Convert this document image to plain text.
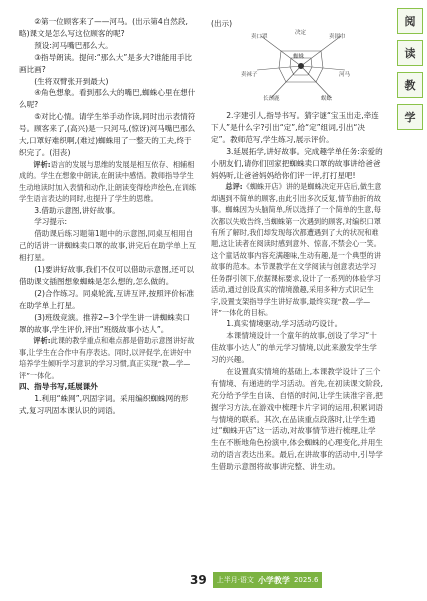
②第一位顾客来了——河马。(出示第4自然段,略)课文是怎么写这位顾客的呢?

预设:河马嘴巴那么大。

③指导朗读。提问:“那么大”是多大?谁能用手比画比画?

(生将双臂张开到最大)

④角色想象。看到那么大的嘴巴,蜘蛛心里在想什么呢?

⑤对比心情。请学生举手动作读,同时出示表情符号。顾客来了,(高兴)是一只河马,(惊讶)河马嘴巴那么大,口罩好难织啊,(难过)蜘蛛用了一整天的工夫,终于织完了。(泪丧)

评析:语言的发展与思维的发展是相互依存、相辅相成的。学生在想象中朗读,在朗读中感悟。教师指导学生生动地读时加入表情和动作,让朗读变得绘声绘色,在训练学生语言表达的同时,也提升了学生的思维。

3.借助示意图,讲好故事。

学习提示:

借助课后练习题第1题中的示意图,同桌互相用自己的话讲一讲蜘蛛卖口罩的故事,讲完后在助学单上互相打星。

(1)要讲好故事,我们不仅可以借助示意图,还可以借助课文插图想象蜘蛛是怎么想的,怎么做的。

(2)合作练习。同桌轮流,互讲互评,按照评价标准在助学单上打星。

(3)班级竞演。推荐2~3个学生讲一讲蜘蛛卖口罩的故事,学生评价,评出“班级故事小达人”。

评析:此课的教学重点和难点都是借助示意图讲好故事,让学生在合作中有序表达。同时,以评促学,在讲好中培养学生倾听学习意识的学习习惯,真正实现“教—学—评”一体化。

四、指导书写,延展课外

1.利用“蛛网”,巩固字词。采用编织蜘蛛网的形式,复习巩固本课认识的词语。

(出示)
蜘蛛
卖口罩	卖围巾
卖袜子	河马
长颈鹿	蜈蚣
决定

2.字建引人,指导书写。猜字谜“宝玉出走,牵连下人”是什么字?引出“定”,给“定”组词,引出“决定”。教师范写,学生练习,展示评价。

3.延展拓学,讲好故事。完成趣学单任务:亲爱的小朋友们,请你们回家把蜘蛛卖口罩的故事讲给爸爸妈妈听,让爸爸妈妈给你们评一评,打打星吧!

总评:《蜘蛛开店》讲的是蜘蛛决定开店后,做生意却遇到不简单的顾客,由此引出多次反复,情节曲折的故事。蜘蛛因为头脑简单,所以选择了一个简单的生意,每次都以失败告终,当蜘蛛第一次遇到的顾客,对编织口罩有所了解时,我们却发现每次都遭遇到了大的状况和难题,这让读者在阅读时感到意外、惊喜,不禁会心一笑。这个童话故事内容充满趣味,生动有趣,是一个典型的讲故事的范本。本节课教学在文学阅读与创意表达学习任务群引领下,依据课标要求,设计了一系列的体验学习活动,通过创设真实的情境激趣,采用多种方式识记生字,设置支架指导学生讲好故事,最终实现“教—学—评”一体化的目标。

1.真实情境驱动,学习活动巧设计。

本课情境设计一个童年的故事,创设了学习“十佳故事小达人”的单元学习情境,以此来激发学生学习的兴趣。

在设置真实情境的基础上,本课教学设计了三个有情境、有递进的学习活动。首先,在初读课文阶段,充分给予学生自读、自悟的时间,让学生读准字音,把握学习方法,在游戏中梳理卡片字词的运用,积累词语与情境的联系。其次,在品读重点段落时,让学生通过“蜘蛛开店”这一活动,对故事情节进行梳理,让学生在不断地角色扮演中,体会蜘蛛的心理变化,并用生动的语言表达出来。最后,在讲故事的活动中,引导学生借助示意图将故事讲完整、讲生动。

阅
读
教
学
39 上半月·语文 小学教学 2025.6
